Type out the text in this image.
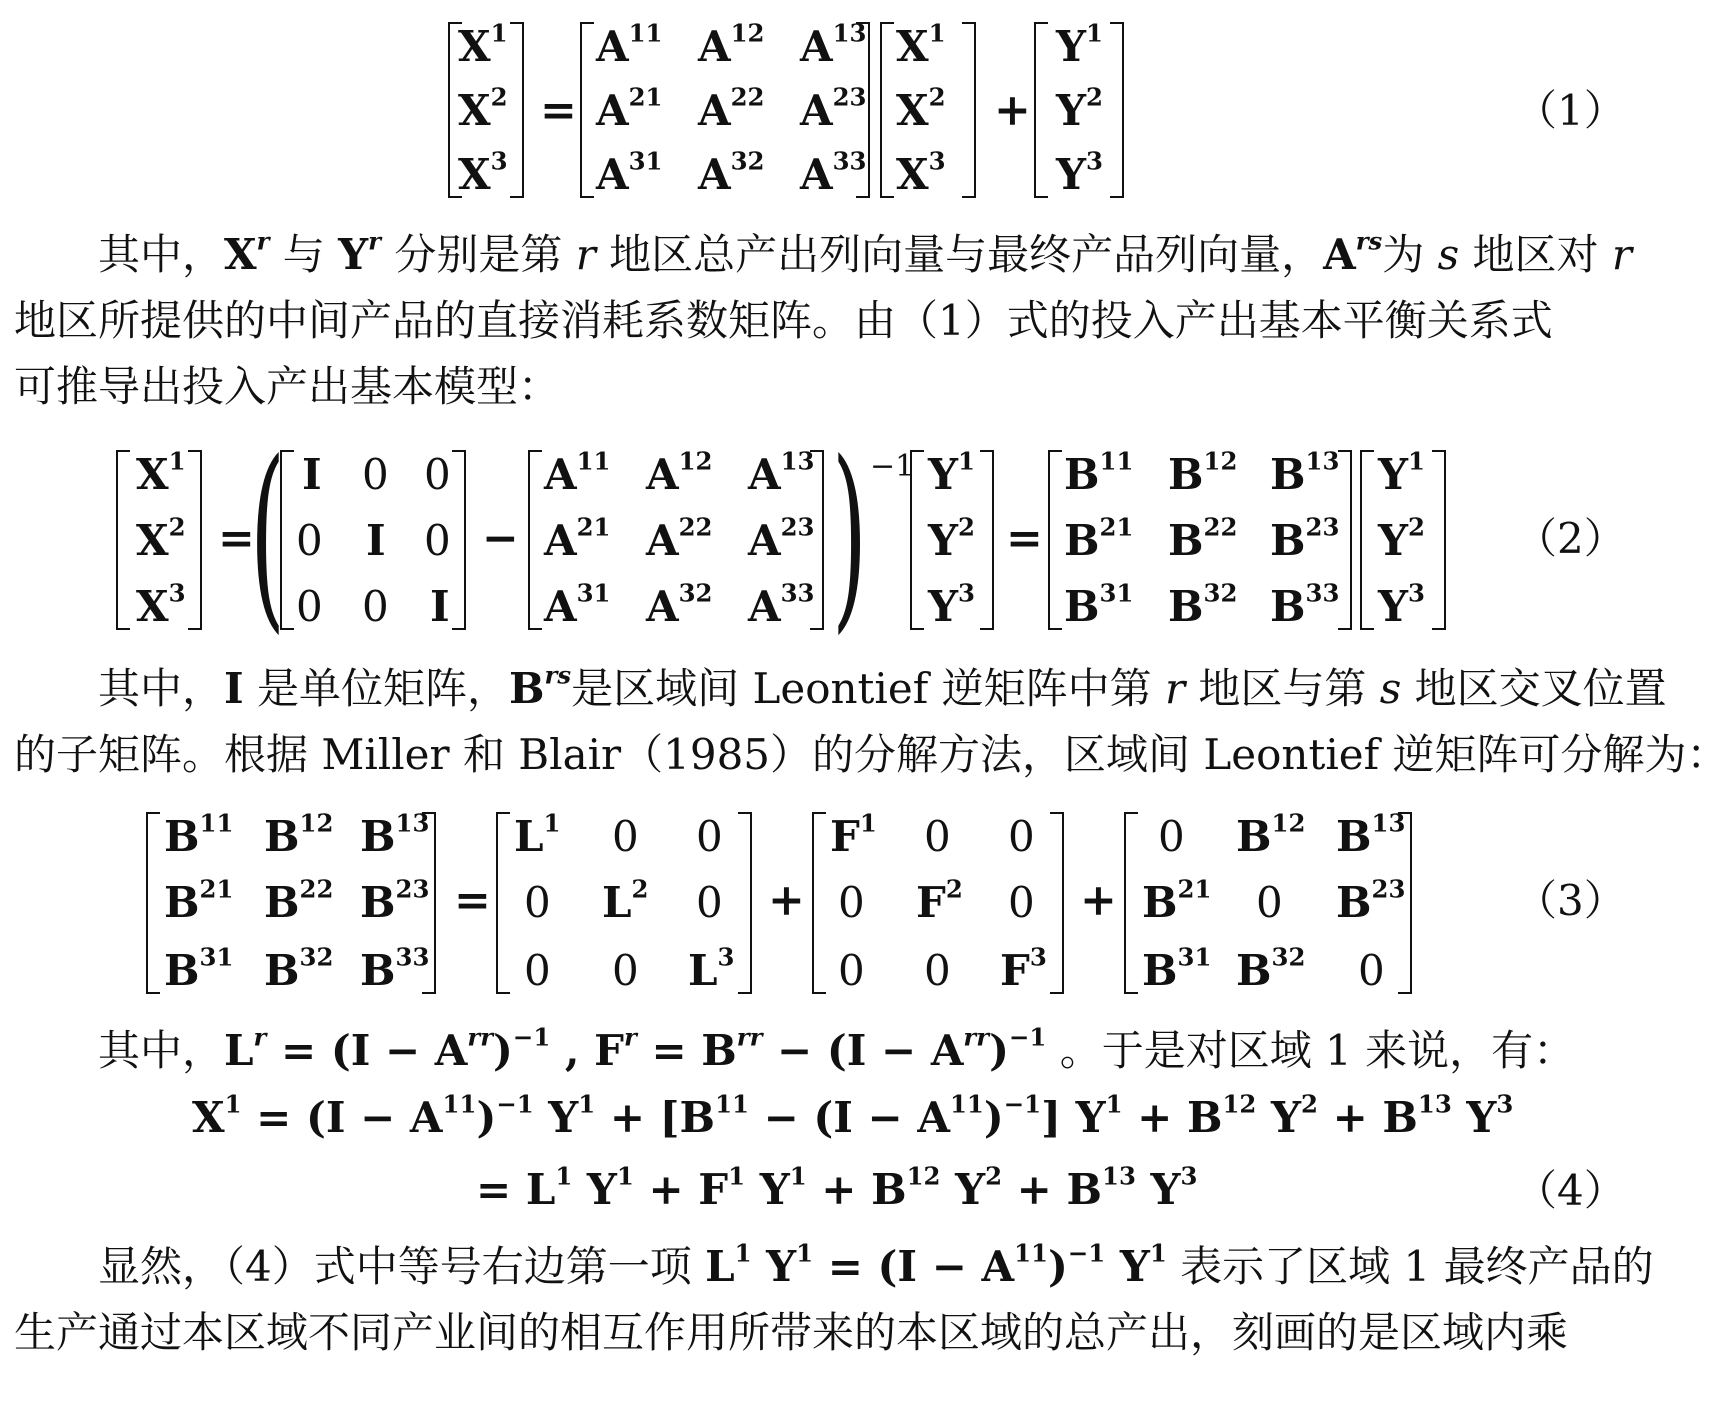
$X^1$
$X^2$
$X^3$
=
$A^{11}$ $A^{12}$ $A^{13}$
$A^{21}$ $A^{22}$ $A^{23}$
$A^{31}$ $A^{32}$ $A^{33}$
$X^1$
$X^2$
$X^3$
+
$Y^1$
$Y^2$
$Y^3$
（1）
其中，$X^r$ 与 $Y^r$ 分别是第 r 地区总产出列向量与最终产品列向量，$A^{rs}$为 s 地区对 r
地区所提供的中间产品的直接消耗系数矩阵。由（1）式的投入产出基本平衡关系式
可推导出投入产出基本模型：
$X^1$
$X^2$
$X^3$
=
( I 0 0
0 I 0
0 0 I
−
$A^{11}$ $A^{12}$ $A^{13}$
$A^{21}$ $A^{22}$ $A^{23}$
$A^{31}$ $A^{32}$ $A^{33}$ ) −1 $Y^1$
$Y^2$
$Y^3$
=
$B^{11}$ $B^{12}$ $B^{13}$
$B^{21}$ $B^{22}$ $B^{23}$
$B^{31}$ $B^{32}$ $B^{33}$
$Y^1$
$Y^2$
$Y^3$
（2）
其中，I 是单位矩阵，$B^{rs}$是区域间 Leontief 逆矩阵中第 r 地区与第 s 地区交叉位置
的子矩阵。根据 Miller 和 Blair（1985）的分解方法，区域间 Leontief 逆矩阵可分解为：
$B^{11}$ $B^{12}$ $B^{13}$
$B^{21}$ $B^{22}$ $B^{23}$
$B^{31}$ $B^{32}$ $B^{33}$
=
$L^1$ 0 0
0 $L^2$ 0
0 0 $L^3$
+
$F^1$ 0 0
0 $F^2$ 0
0 0 $F^3$
+
0 $B^{12}$ $B^{13}$
$B^{21}$ 0 $B^{23}$
$B^{31}$ $B^{32}$ 0
（3）
其中，$L^r = (I - A^{rr})^{-1}$ , $F^r = B^{rr} - (I - A^{rr})^{-1}$ 。于是对区域 1 来说，有：
$X^1 = (I - A^{11})^{-1}$ $Y^1 + [B^{11} - (I - A^{11})^{-1}] Y^1 + B^{12}$ $Y^2 + B^{13}$ $Y^3$
= $L^1$ $Y^1 + F^1$ $Y^1 + B^{12}$ $Y^2 + B^{13}$ $Y^3$	（4）
显然，（4）式中等号右边第一项 $L^1$ $Y^1 = (I - A^{11})^{-1}$ $Y^1$ 表示了区域 1 最终产品的
生产通过本区域不同产业间的相互作用所带来的本区域的总产出，刻画的是区域内乘
